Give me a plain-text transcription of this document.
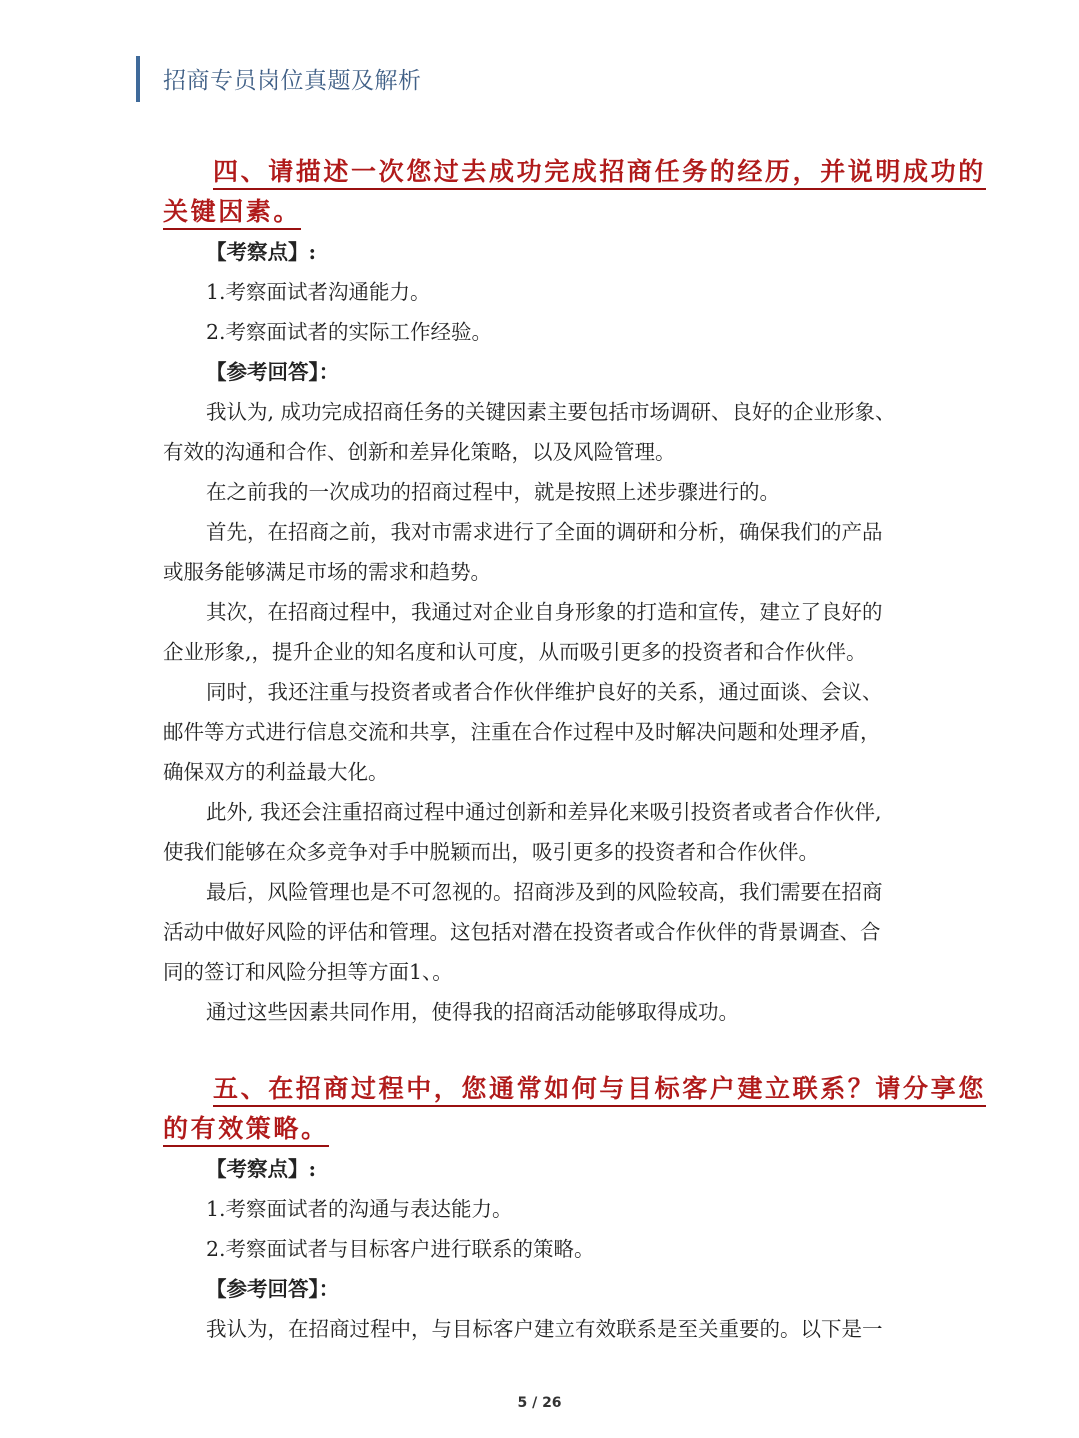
招商专员岗位真题及解析
四、请描述一次您过去成功完成招商任务的经历，并说明成功的
关键因素。
【考察点】:
1.考察面试者沟通能力。
2.考察面试者的实际工作经验。
【参考回答】：
我认为, 成功完成招商任务的关键因素主要包括市场调研、良好的企业形象、
有效的沟通和合作、创新和差异化策略，以及风险管理。
在之前我的一次成功的招商过程中，就是按照上述步骤进行的。
首先，在招商之前，我对市需求进行了全面的调研和分析，确保我们的产品
或服务能够满足市场的需求和趋势。
其次，在招商过程中，我通过对企业自身形象的打造和宣传，建立了良好的
企业形象,，提升企业的知名度和认可度，从而吸引更多的投资者和合作伙伴。
同时，我还注重与投资者或者合作伙伴维护良好的关系，通过面谈、会议、
邮件等方式进行信息交流和共享，注重在合作过程中及时解决问题和处理矛盾，
确保双方的利益最大化。
此外, 我还会注重招商过程中通过创新和差异化来吸引投资者或者合作伙伴,
使我们能够在众多竞争对手中脱颖而出，吸引更多的投资者和合作伙伴。
最后，风险管理也是不可忽视的。招商涉及到的风险较高，我们需要在招商
活动中做好风险的评估和管理。这包括对潜在投资者或合作伙伴的背景调查、合
同的签订和风险分担等方面1、。
通过这些因素共同作用，使得我的招商活动能够取得成功。
五、在招商过程中，您通常如何与目标客户建立联系？请分享您
的有效策略。
【考察点】:
1.考察面试者的沟通与表达能力。
2.考察面试者与目标客户进行联系的策略。
【参考回答】：
我认为，在招商过程中，与目标客户建立有效联系是至关重要的。以下是一
5 / 26
